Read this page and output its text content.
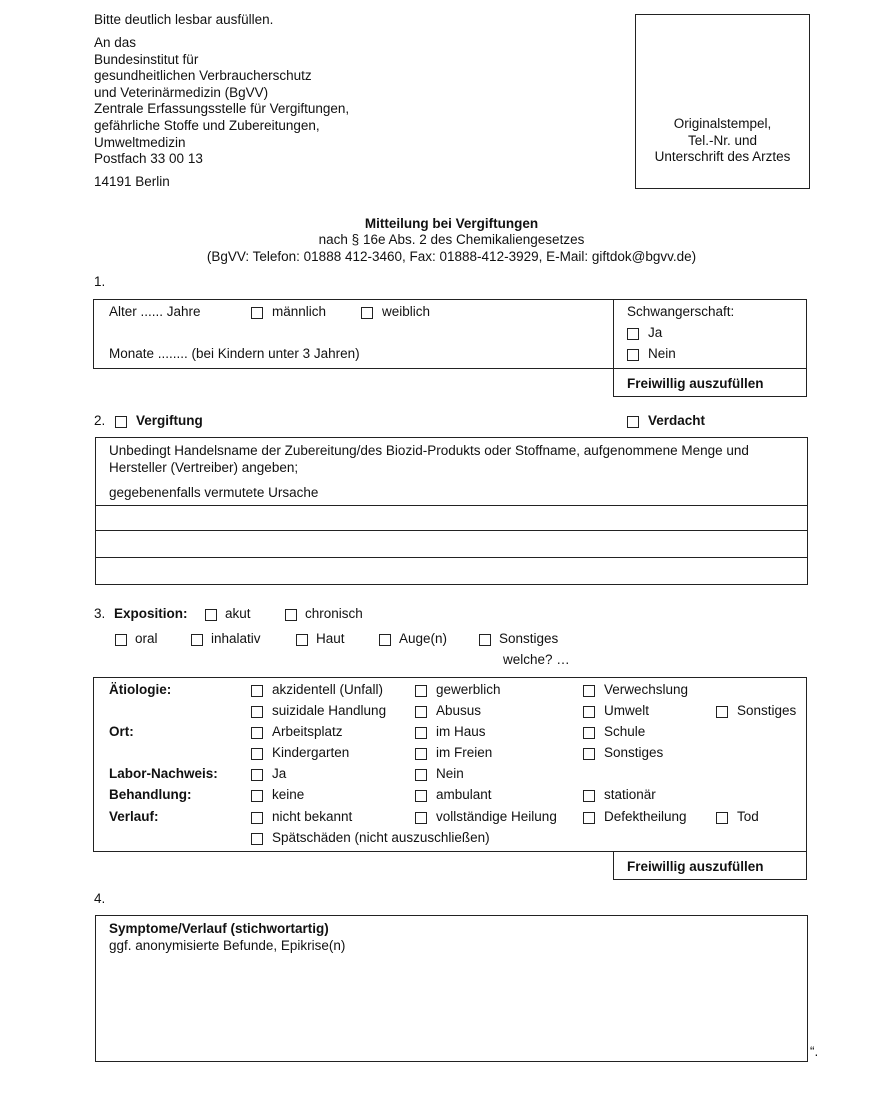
Bitte deutlich lesbar ausfüllen.
An das
Bundesinstitut für
gesundheitlichen Verbraucherschutz
und Veterinärmedizin (BgVV)
Zentrale Erfassungsstelle für Vergiftungen,
gefährliche Stoffe und Zubereitungen,
Umweltmedizin
Postfach 33 00 13
14191 Berlin
Originalstempel,
Tel.-Nr. und
Unterschrift des Arztes
Mitteilung bei Vergiftungen
nach § 16e Abs. 2 des Chemikaliengesetzes
(BgVV: Telefon: 01888 412-3460, Fax: 01888-412-3929, E-Mail: giftdok@bgvv.de)
1.
Alter ...... Jahre	männlich	weiblich
Monate ........ (bei Kindern unter 3 Jahren)
Schwangerschaft:
Ja
Nein
Freiwillig auszufüllen
2. Vergiftung	Verdacht
Unbedingt Handelsname der Zubereitung/des Biozid-Produkts oder Stoffname, aufgenommene Menge und
Hersteller (Vertreiber) angeben;
gegebenenfalls vermutete Ursache
3. Exposition:	akut	chronisch
oral	inhalativ	Haut	Auge(n)	Sonstiges
welche? …
Ätiologie:	akzidentell (Unfall)	gewerblich	Verwechslung
suizidale Handlung	Abusus	Umwelt	Sonstiges
Ort:	Arbeitsplatz	im Haus	Schule
Kindergarten	im Freien	Sonstiges
Labor-Nachweis:	Ja	Nein
Behandlung:	keine	ambulant	stationär
Verlauf:	nicht bekannt	vollständige Heilung	Defektheilung	Tod
Spätschäden (nicht auszuschließen)
Freiwillig auszufüllen
4.
Symptome/Verlauf (stichwortartig)
ggf. anonymisierte Befunde, Epikrise(n)
“.
